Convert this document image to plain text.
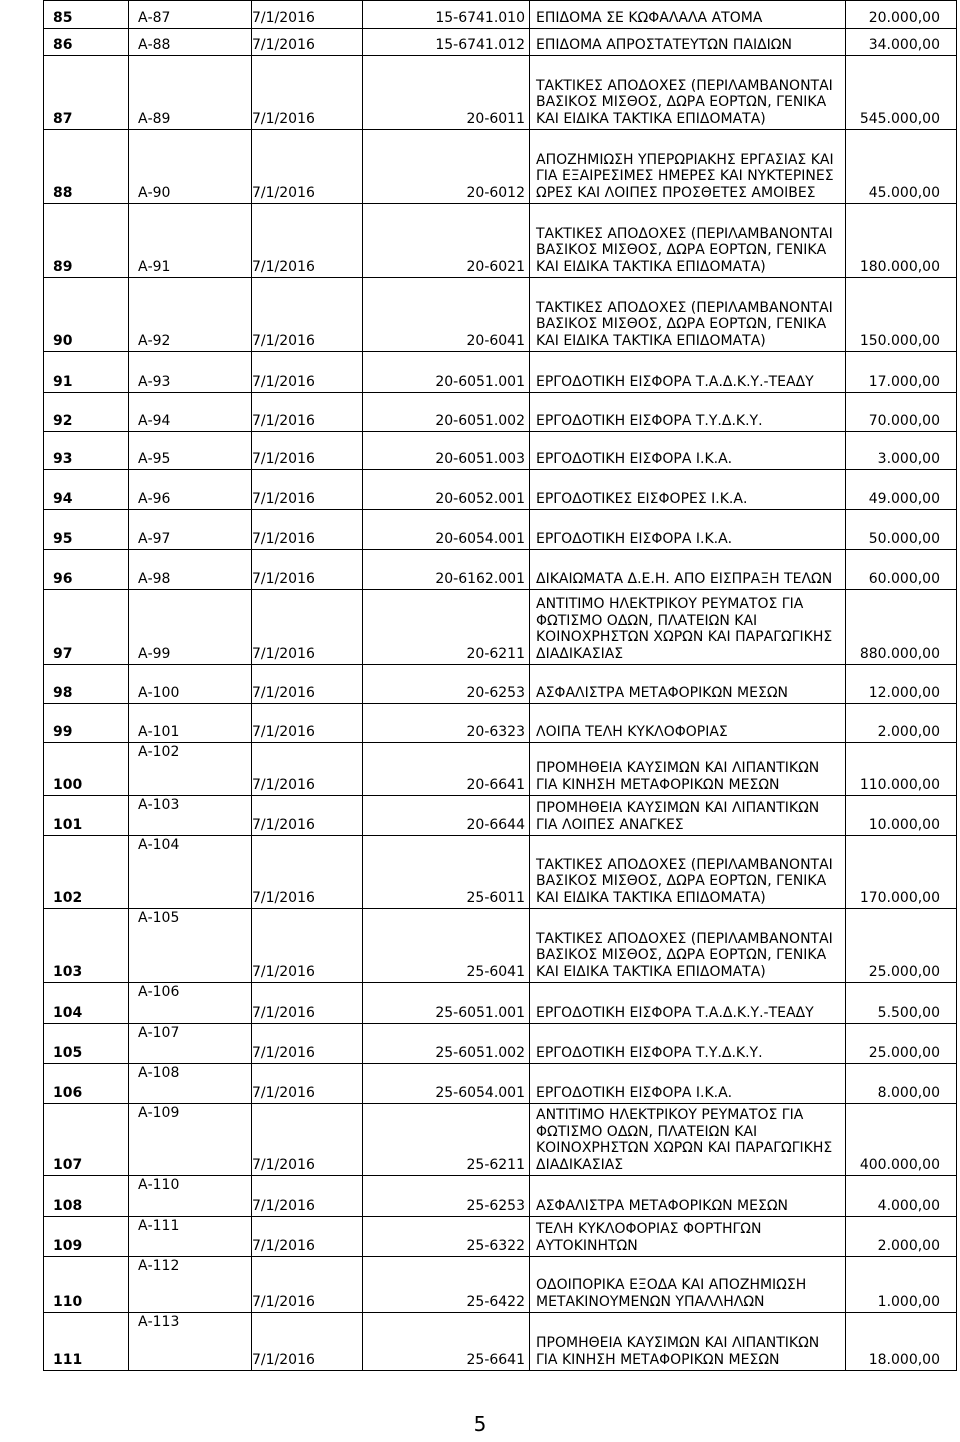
85	Α-87	7/1/2016	15-6741.010	ΕΠΙΔΟΜΑ ΣΕ ΚΩΦΑΛΑΛΑ ΑΤΟΜΑ	20.000,00
86	Α-88	7/1/2016	15-6741.012	ΕΠΙΔΟΜΑ ΑΠΡΟΣΤΑΤΕΥΤΩΝ ΠΑΙΔΙΩΝ	34.000,00
87	Α-89	7/1/2016	20-6011	ΤΑΚΤΙΚΕΣ ΑΠΟΔΟΧΕΣ (ΠΕΡΙΛΑΜΒΑΝΟΝΤΑΙ ΒΑΣΙΚΟΣ ΜΙΣΘΟΣ, ΔΩΡΑ ΕΟΡΤΩΝ, ΓΕΝΙΚΑ ΚΑΙ ΕΙΔΙΚΑ ΤΑΚΤΙΚΑ ΕΠΙΔΟΜΑΤΑ)	545.000,00
88	Α-90	7/1/2016	20-6012	ΑΠΟΖΗΜΙΩΣΗ ΥΠΕΡΩΡΙΑΚΗΣ ΕΡΓΑΣΙΑΣ ΚΑΙ ΓΙΑ ΕΞΑΙΡΕΣΙΜΕΣ ΗΜΕΡΕΣ ΚΑΙ ΝΥΚΤΕΡΙΝΕΣ ΩΡΕΣ ΚΑΙ ΛΟΙΠΕΣ ΠΡΟΣΘΕΤΕΣ ΑΜΟΙΒΕΣ	45.000,00
89	Α-91	7/1/2016	20-6021	ΤΑΚΤΙΚΕΣ ΑΠΟΔΟΧΕΣ (ΠΕΡΙΛΑΜΒΑΝΟΝΤΑΙ ΒΑΣΙΚΟΣ ΜΙΣΘΟΣ, ΔΩΡΑ ΕΟΡΤΩΝ, ΓΕΝΙΚΑ ΚΑΙ ΕΙΔΙΚΑ ΤΑΚΤΙΚΑ ΕΠΙΔΟΜΑΤΑ)	180.000,00
90	Α-92	7/1/2016	20-6041	ΤΑΚΤΙΚΕΣ ΑΠΟΔΟΧΕΣ (ΠΕΡΙΛΑΜΒΑΝΟΝΤΑΙ ΒΑΣΙΚΟΣ ΜΙΣΘΟΣ, ΔΩΡΑ ΕΟΡΤΩΝ, ΓΕΝΙΚΑ ΚΑΙ ΕΙΔΙΚΑ ΤΑΚΤΙΚΑ ΕΠΙΔΟΜΑΤΑ)	150.000,00
91	Α-93	7/1/2016	20-6051.001	ΕΡΓΟΔΟΤΙΚΗ ΕΙΣΦΟΡΑ Τ.Α.Δ.Κ.Υ.-ΤΕΑΔΥ	17.000,00
92	Α-94	7/1/2016	20-6051.002	ΕΡΓΟΔΟΤΙΚΗ ΕΙΣΦΟΡΑ Τ.Υ.Δ.Κ.Υ.	70.000,00
93	Α-95	7/1/2016	20-6051.003	ΕΡΓΟΔΟΤΙΚΗ ΕΙΣΦΟΡΑ Ι.Κ.Α.	3.000,00
94	Α-96	7/1/2016	20-6052.001	ΕΡΓΟΔΟΤΙΚΕΣ ΕΙΣΦΟΡΕΣ Ι.Κ.Α.	49.000,00
95	Α-97	7/1/2016	20-6054.001	ΕΡΓΟΔΟΤΙΚΗ ΕΙΣΦΟΡΑ Ι.Κ.Α.	50.000,00
96	Α-98	7/1/2016	20-6162.001	ΔΙΚΑΙΩΜΑΤΑ Δ.Ε.Η. ΑΠΟ ΕΙΣΠΡΑΞΗ ΤΕΛΩΝ	60.000,00
97	Α-99	7/1/2016	20-6211	ΑΝΤΙΤΙΜΟ ΗΛΕΚΤΡΙΚΟΥ ΡΕΥΜΑΤΟΣ ΓΙΑ ΦΩΤΙΣΜΟ ΟΔΩΝ, ΠΛΑΤΕΙΩΝ ΚΑΙ ΚΟΙΝΟΧΡΗΣΤΩΝ ΧΩΡΩΝ ΚΑΙ ΠΑΡΑΓΩΓΙΚΗΣ ΔΙΑΔΙΚΑΣΙΑΣ	880.000,00
98	Α-100	7/1/2016	20-6253	ΑΣΦΑΛΙΣΤΡΑ ΜΕΤΑΦΟΡΙΚΩΝ ΜΕΣΩΝ	12.000,00
99	Α-101	7/1/2016	20-6323	ΛΟΙΠΑ ΤΕΛΗ ΚΥΚΛΟΦΟΡΙΑΣ	2.000,00
100	Α-102	7/1/2016	20-6641	ΠΡΟΜΗΘΕΙΑ ΚΑΥΣΙΜΩΝ ΚΑΙ ΛΙΠΑΝΤΙΚΩΝ ΓΙΑ ΚΙΝΗΣΗ ΜΕΤΑΦΟΡΙΚΩΝ ΜΕΣΩΝ	110.000,00
101	Α-103	7/1/2016	20-6644	ΠΡΟΜΗΘΕΙΑ ΚΑΥΣΙΜΩΝ ΚΑΙ ΛΙΠΑΝΤΙΚΩΝ ΓΙΑ ΛΟΙΠΕΣ ΑΝΑΓΚΕΣ	10.000,00
102	Α-104	7/1/2016	25-6011	ΤΑΚΤΙΚΕΣ ΑΠΟΔΟΧΕΣ (ΠΕΡΙΛΑΜΒΑΝΟΝΤΑΙ ΒΑΣΙΚΟΣ ΜΙΣΘΟΣ, ΔΩΡΑ ΕΟΡΤΩΝ, ΓΕΝΙΚΑ ΚΑΙ ΕΙΔΙΚΑ ΤΑΚΤΙΚΑ ΕΠΙΔΟΜΑΤΑ)	170.000,00
103	Α-105	7/1/2016	25-6041	ΤΑΚΤΙΚΕΣ ΑΠΟΔΟΧΕΣ (ΠΕΡΙΛΑΜΒΑΝΟΝΤΑΙ ΒΑΣΙΚΟΣ ΜΙΣΘΟΣ, ΔΩΡΑ ΕΟΡΤΩΝ, ΓΕΝΙΚΑ ΚΑΙ ΕΙΔΙΚΑ ΤΑΚΤΙΚΑ ΕΠΙΔΟΜΑΤΑ)	25.000,00
104	Α-106	7/1/2016	25-6051.001	ΕΡΓΟΔΟΤΙΚΗ ΕΙΣΦΟΡΑ Τ.Α.Δ.Κ.Υ.-ΤΕΑΔΥ	5.500,00
105	Α-107	7/1/2016	25-6051.002	ΕΡΓΟΔΟΤΙΚΗ ΕΙΣΦΟΡΑ Τ.Υ.Δ.Κ.Υ.	25.000,00
106	Α-108	7/1/2016	25-6054.001	ΕΡΓΟΔΟΤΙΚΗ ΕΙΣΦΟΡΑ Ι.Κ.Α.	8.000,00
107	Α-109	7/1/2016	25-6211	ΑΝΤΙΤΙΜΟ ΗΛΕΚΤΡΙΚΟΥ ΡΕΥΜΑΤΟΣ ΓΙΑ ΦΩΤΙΣΜΟ ΟΔΩΝ, ΠΛΑΤΕΙΩΝ ΚΑΙ ΚΟΙΝΟΧΡΗΣΤΩΝ ΧΩΡΩΝ ΚΑΙ ΠΑΡΑΓΩΓΙΚΗΣ ΔΙΑΔΙΚΑΣΙΑΣ	400.000,00
108	Α-110	7/1/2016	25-6253	ΑΣΦΑΛΙΣΤΡΑ ΜΕΤΑΦΟΡΙΚΩΝ ΜΕΣΩΝ	4.000,00
109	Α-111	7/1/2016	25-6322	ΤΕΛΗ ΚΥΚΛΟΦΟΡΙΑΣ ΦΟΡΤΗΓΩΝ ΑΥΤΟΚΙΝΗΤΩΝ	2.000,00
110	Α-112	7/1/2016	25-6422	ΟΔΟΙΠΟΡΙΚΑ ΕΞΟΔΑ ΚΑΙ ΑΠΟΖΗΜΙΩΣΗ ΜΕΤΑΚΙΝΟΥΜΕΝΩΝ ΥΠΑΛΛΗΛΩΝ	1.000,00
111	Α-113	7/1/2016	25-6641	ΠΡΟΜΗΘΕΙΑ ΚΑΥΣΙΜΩΝ ΚΑΙ ΛΙΠΑΝΤΙΚΩΝ ΓΙΑ ΚΙΝΗΣΗ ΜΕΤΑΦΟΡΙΚΩΝ ΜΕΣΩΝ	18.000,00
5
